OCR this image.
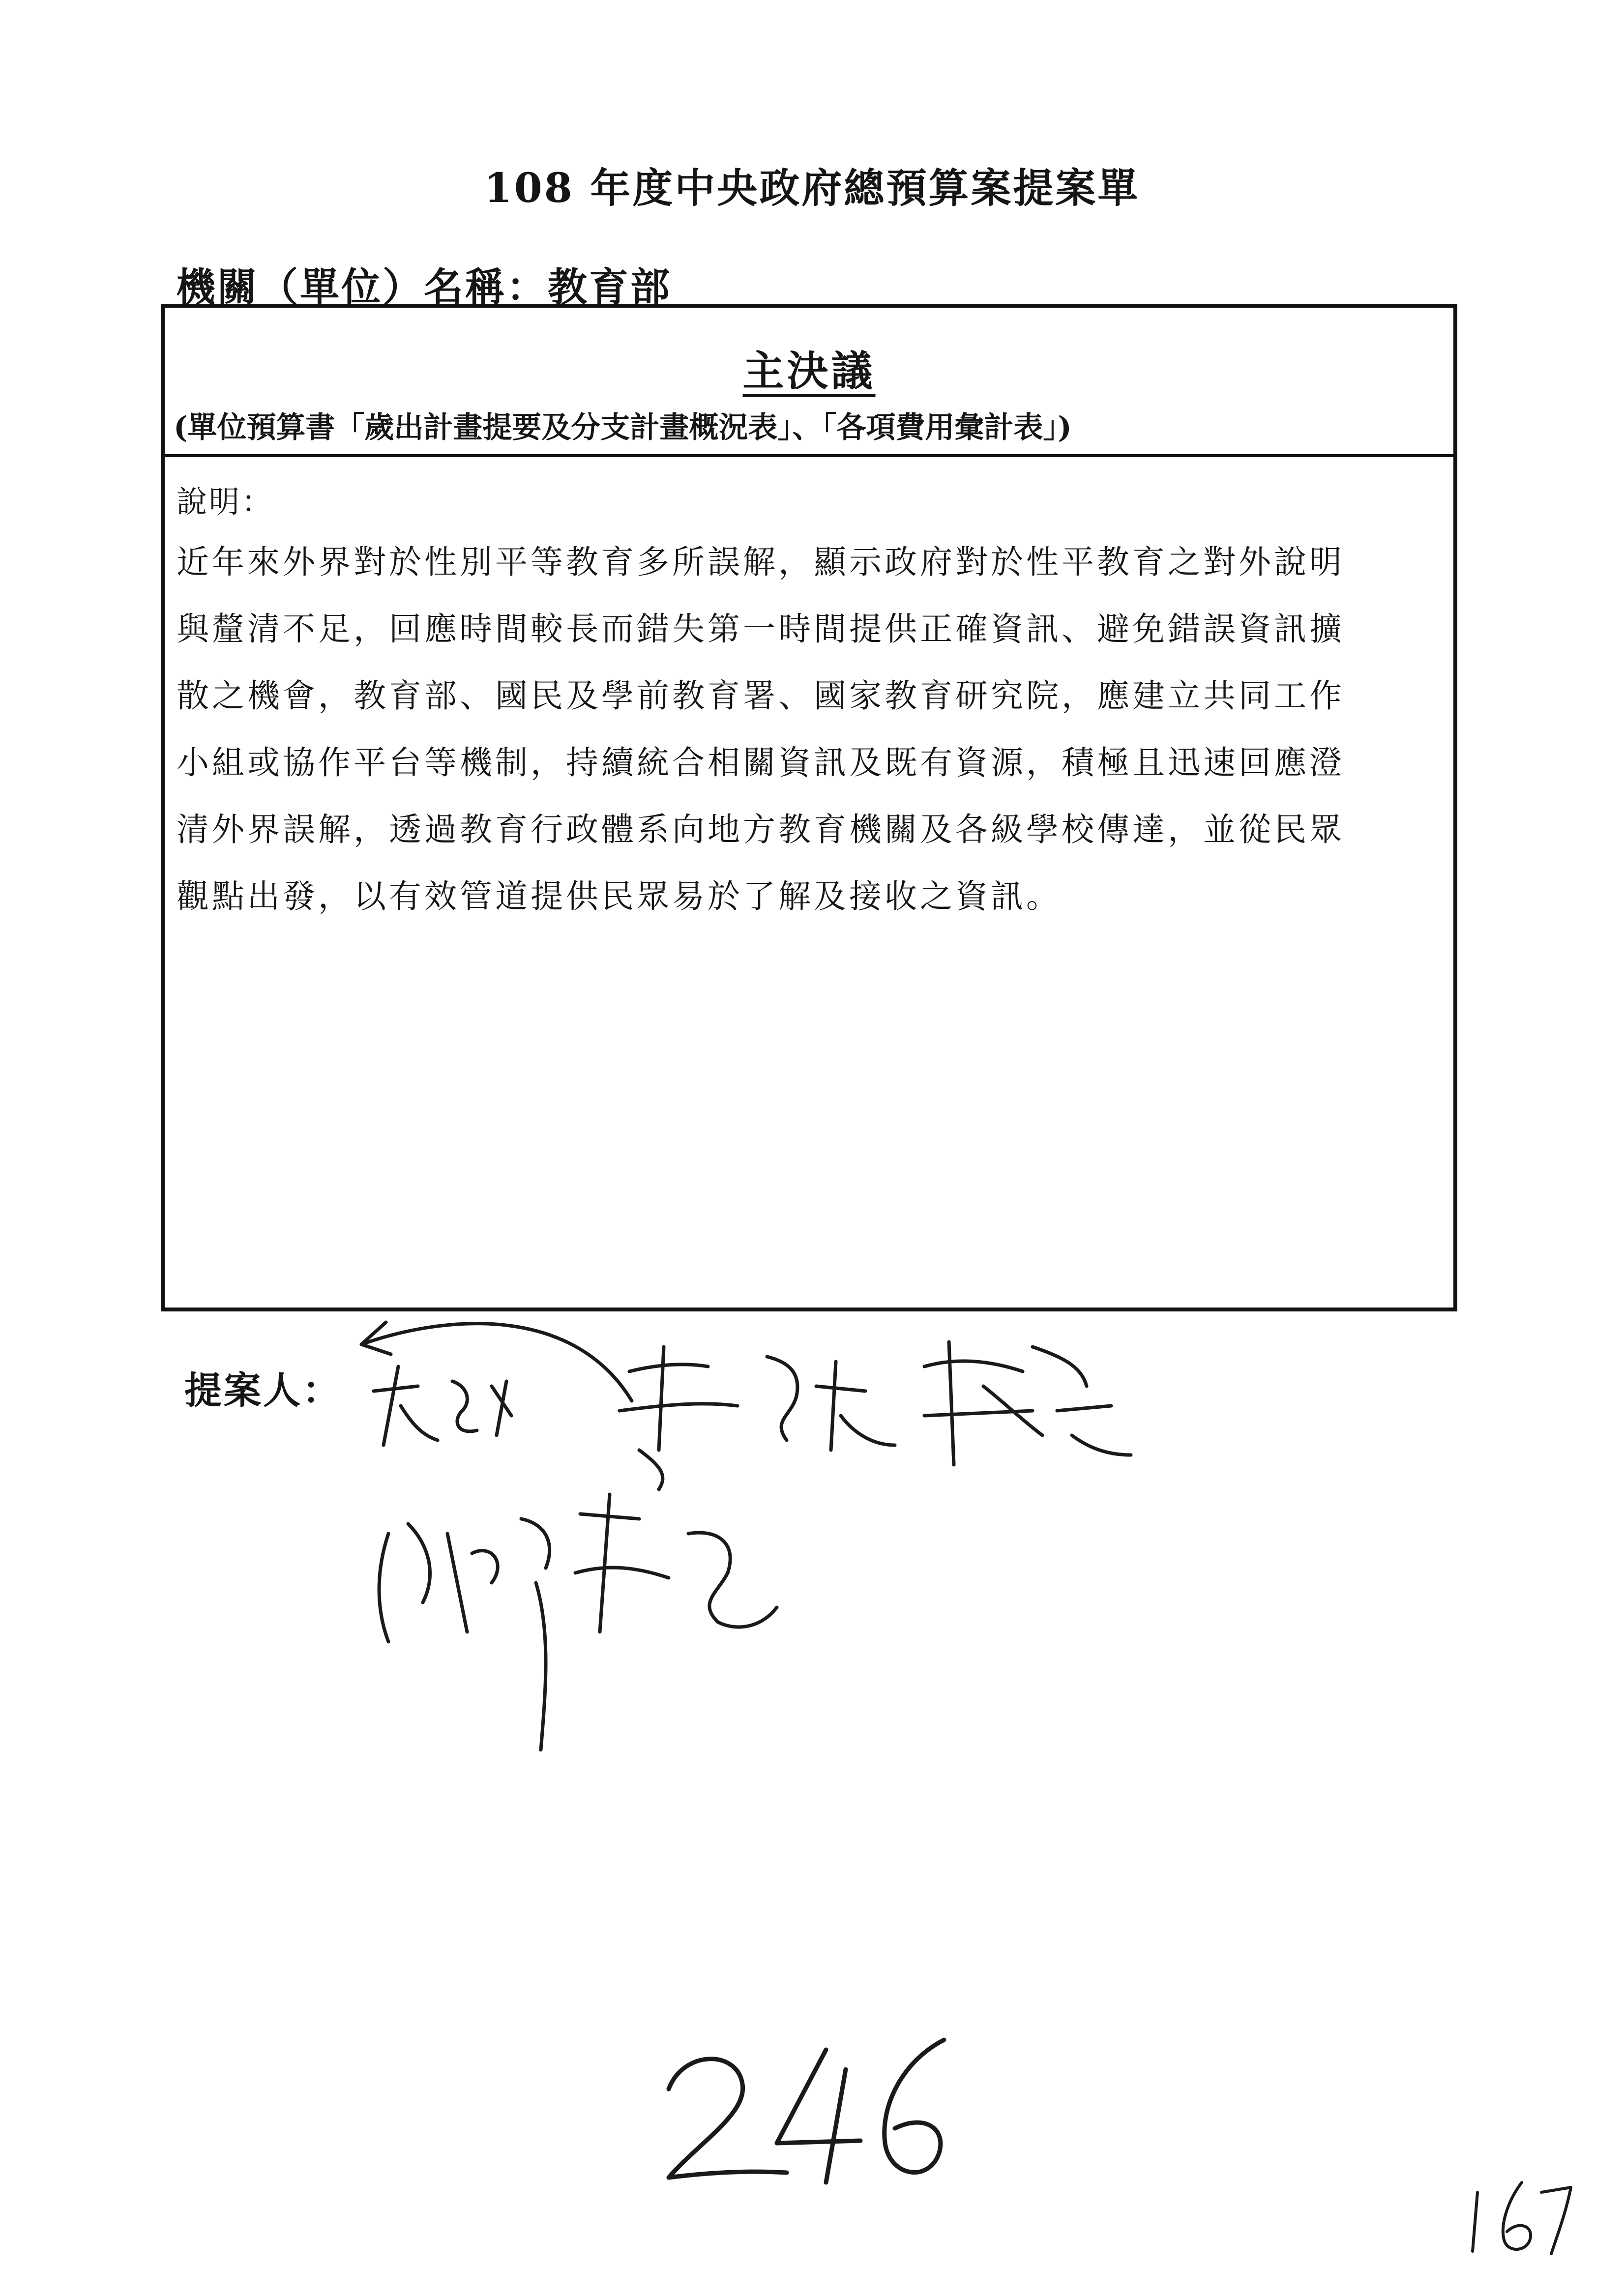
108 年度中央政府總預算案提案單
機關（單位）名稱：教育部
主決議
(單位預算書「歲出計畫提要及分支計畫概況表」、「各項費用彙計表」)
說明：
近年來外界對於性別平等教育多所誤解，顯示政府對於性平教育之對外說明
與釐清不足，回應時間較長而錯失第一時間提供正確資訊、避免錯誤資訊擴
散之機會，教育部、國民及學前教育署、國家教育研究院，應建立共同工作
小組或協作平台等機制，持續統合相關資訊及既有資源，積極且迅速回應澄
清外界誤解，透過教育行政體系向地方教育機關及各級學校傳達，並從民眾
觀點出發，以有效管道提供民眾易於了解及接收之資訊。
提案人：
